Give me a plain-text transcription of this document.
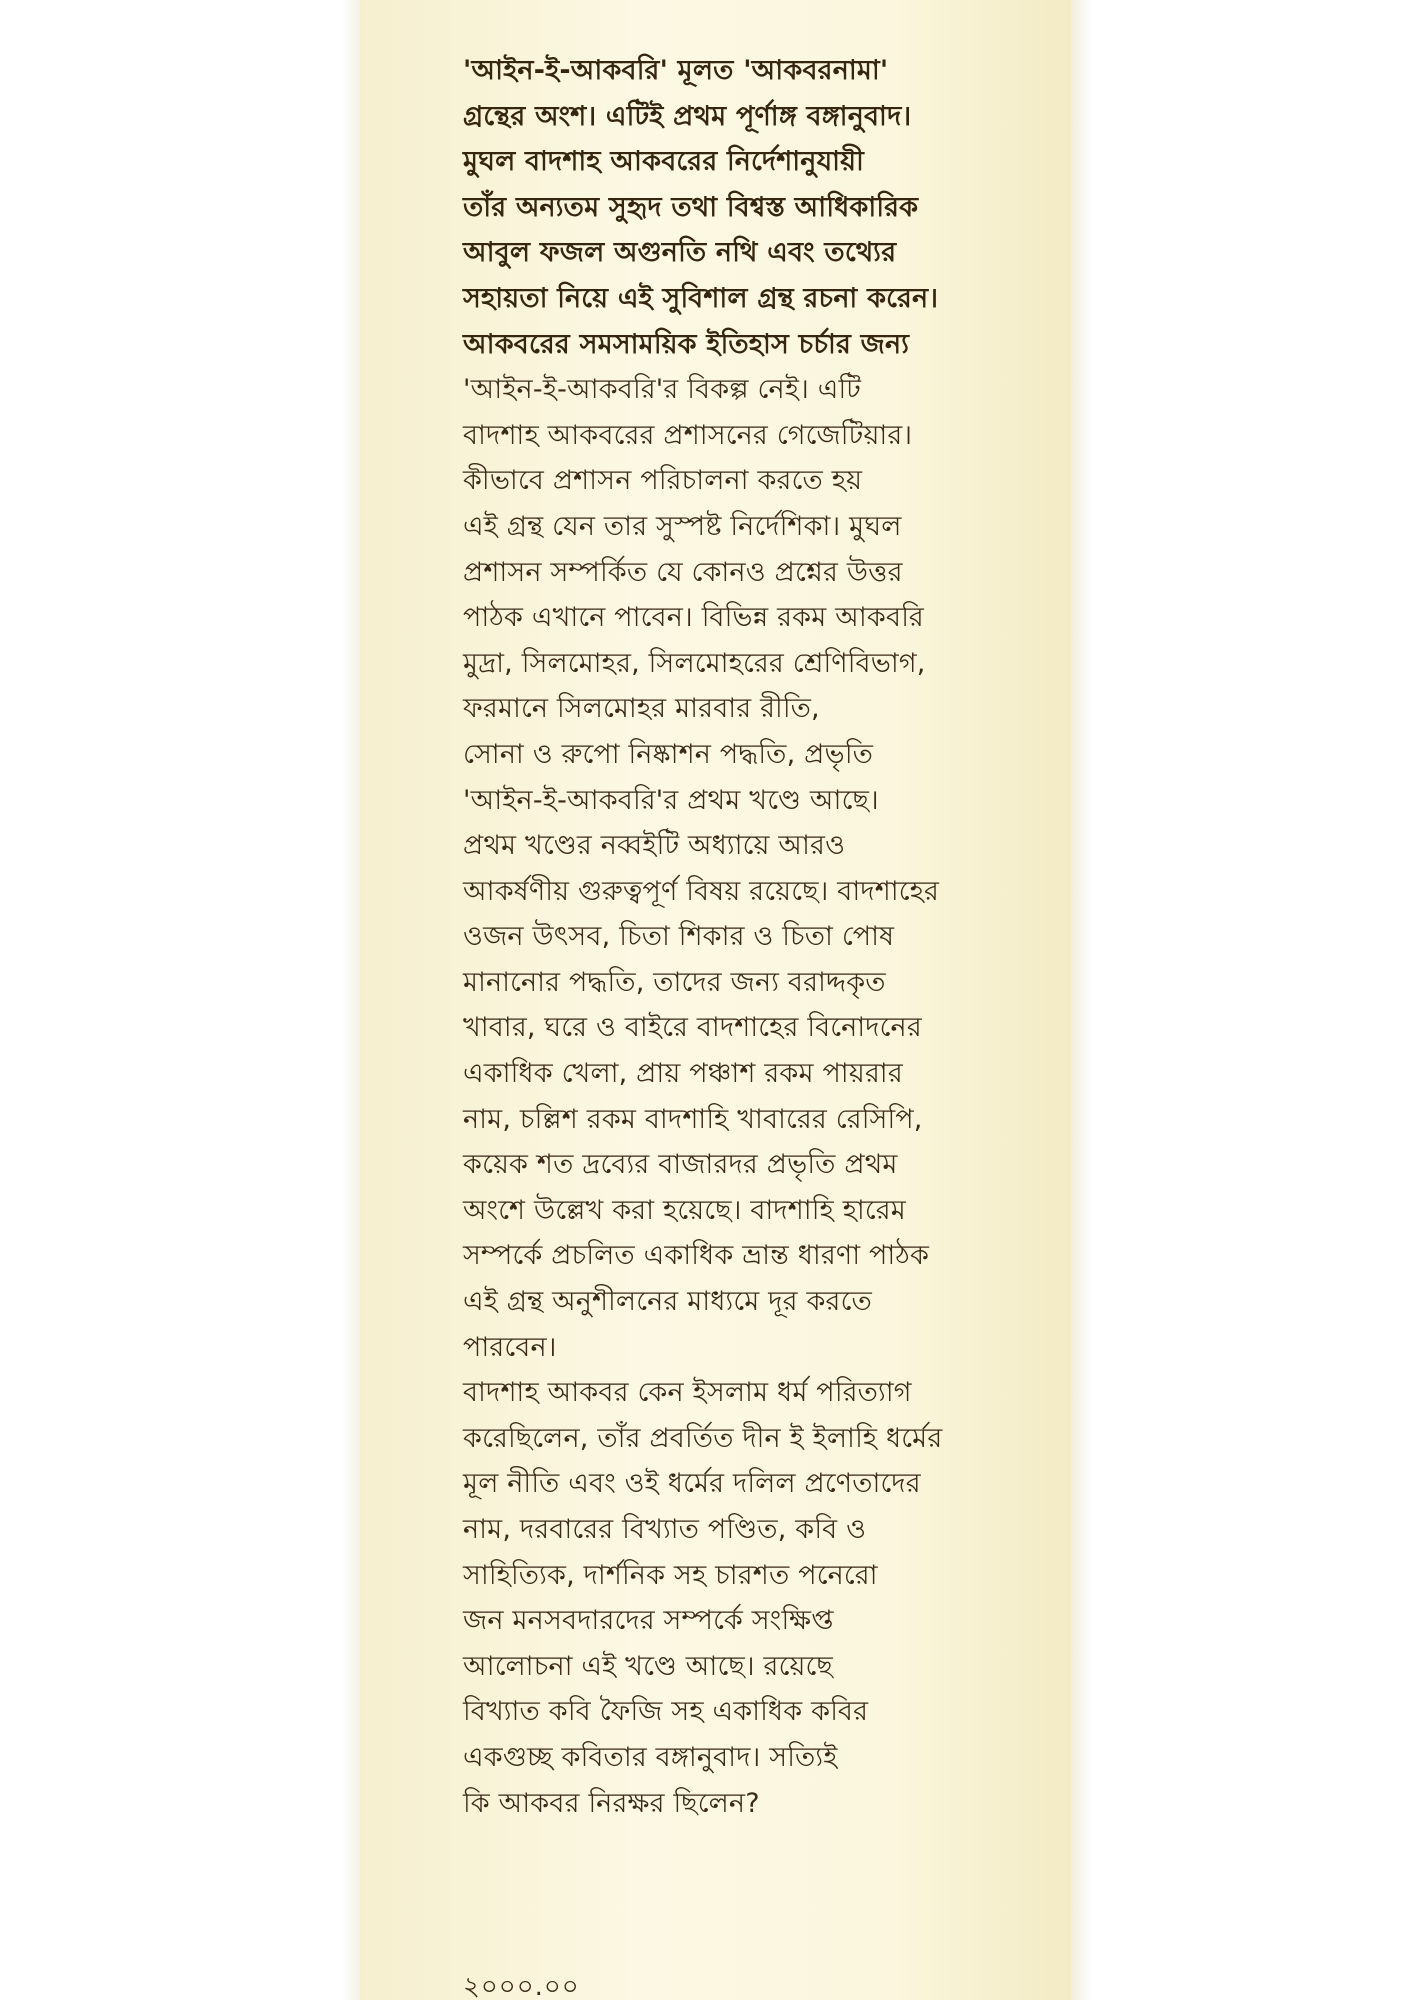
'আইন-ই-আকবরি' মূলত 'আকবরনামা'
গ্রন্থের অংশ। এটিই প্রথম পূর্ণাঙ্গ বঙ্গানুবাদ।
মুঘল বাদশাহ আকবরের নির্দেশানুযায়ী
তাঁর অন্যতম সুহৃদ তথা বিশ্বস্ত আধিকারিক
আবুল ফজল অগুনতি নথি এবং তথ্যের
সহায়তা নিয়ে এই সুবিশাল গ্রন্থ রচনা করেন।
আকবরের সমসাময়িক ইতিহাস চর্চার জন্য
'আইন-ই-আকবরি'র বিকল্প নেই। এটি
বাদশাহ আকবরের প্রশাসনের গেজেটিয়ার।
কীভাবে প্রশাসন পরিচালনা করতে হয়
এই গ্রন্থ যেন তার সুস্পষ্ট নির্দেশিকা। মুঘল
প্রশাসন সম্পর্কিত যে কোনও প্রশ্নের উত্তর
পাঠক এখানে পাবেন। বিভিন্ন রকম আকবরি
মুদ্রা, সিলমোহর, সিলমোহরের শ্রেণিবিভাগ,
ফরমানে সিলমোহর মারবার রীতি,
সোনা ও রুপো নিষ্কাশন পদ্ধতি, প্রভৃতি
'আইন-ই-আকবরি'র প্রথম খণ্ডে আছে।
প্রথম খণ্ডের নব্বইটি অধ্যায়ে আরও
আকর্ষণীয় গুরুত্বপূর্ণ বিষয় রয়েছে। বাদশাহের
ওজন উৎসব, চিতা শিকার ও চিতা পোষ
মানানোর পদ্ধতি, তাদের জন্য বরাদ্দকৃত
খাবার, ঘরে ও বাইরে বাদশাহের বিনোদনের
একাধিক খেলা, প্রায় পঞ্চাশ রকম পায়রার
নাম, চল্লিশ রকম বাদশাহি খাবারের রেসিপি,
কয়েক শত দ্রব্যের বাজারদর প্রভৃতি প্রথম
অংশে উল্লেখ করা হয়েছে। বাদশাহি হারেম
সম্পর্কে প্রচলিত একাধিক ভ্রান্ত ধারণা পাঠক
এই গ্রন্থ অনুশীলনের মাধ্যমে দূর করতে
পারবেন।
বাদশাহ আকবর কেন ইসলাম ধর্ম পরিত্যাগ
করেছিলেন, তাঁর প্রবর্তিত দীন ই ইলাহি ধর্মের
মূল নীতি এবং ওই ধর্মের দলিল প্রণেতাদের
নাম, দরবারের বিখ্যাত পণ্ডিত, কবি ও
সাহিত্যিক, দার্শনিক সহ চারশত পনেরো
জন মনসবদারদের সম্পর্কে সংক্ষিপ্ত
আলোচনা এই খণ্ডে আছে। রয়েছে
বিখ্যাত কবি ফৈজি সহ একাধিক কবির
একগুচ্ছ কবিতার বঙ্গানুবাদ। সত্যিই
কি আকবর নিরক্ষর ছিলেন?
২০০০.০০
